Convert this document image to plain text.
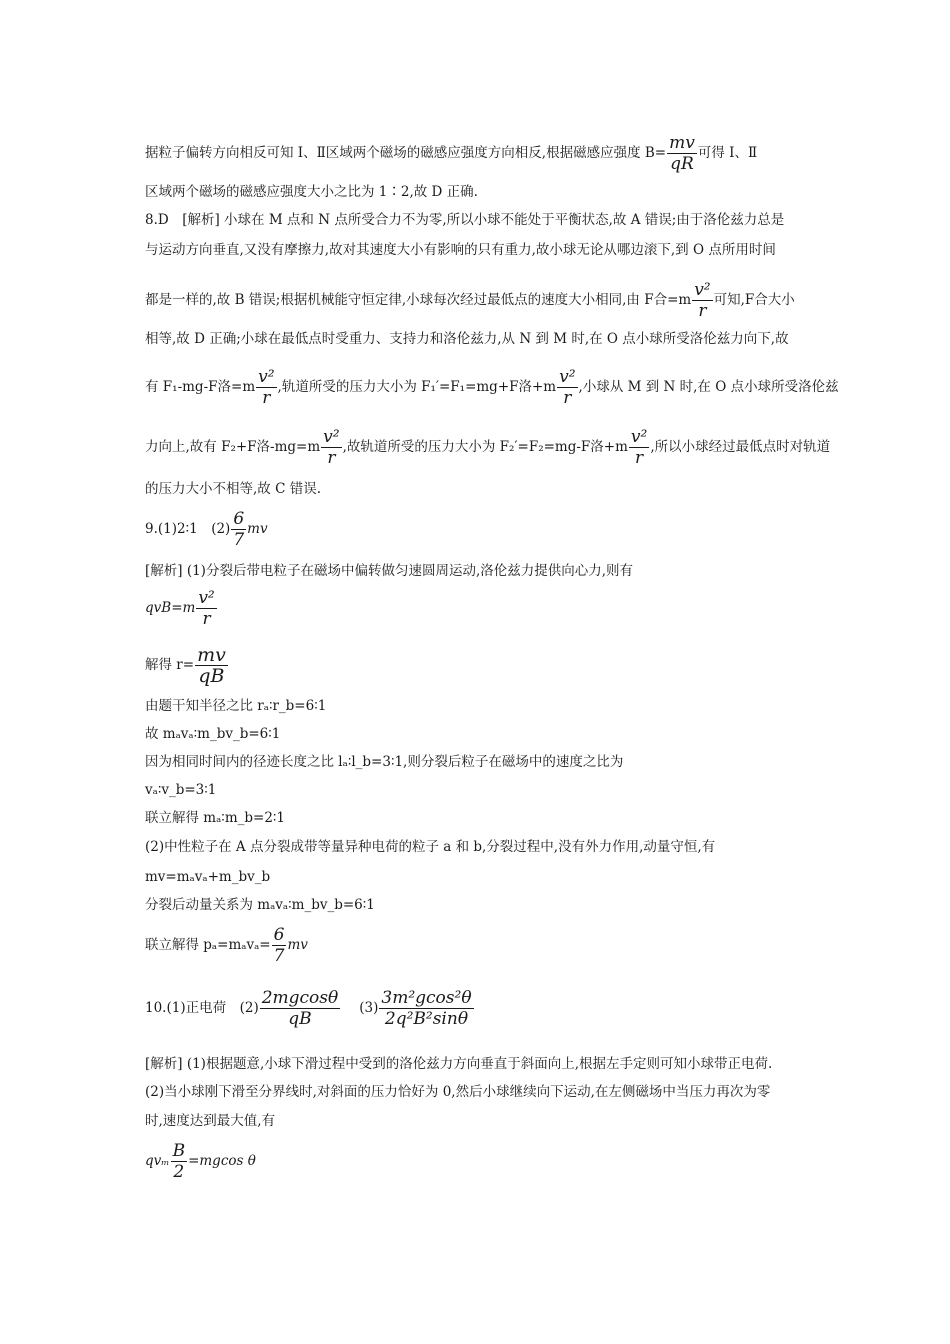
据粒子偏转方向相反可知 Ⅰ、Ⅱ区域两个磁场的磁感应强度方向相反,根据磁感应强度 $B= \frac{mv}{qR}$ 可得 Ⅰ、Ⅱ
区域两个磁场的磁感应强度大小之比为 1∶2,故 D 正确.
8.D　[解析] 小球在 M 点和 N 点所受合力不为零,所以小球不能处于平衡状态,故 A 错误;由于洛伦兹力总是
与运动方向垂直,又没有摩擦力,故对其速度大小有影响的只有重力,故小球无论从哪边滚下,到 O 点所用时间
都是一样的,故 B 错误;根据机械能守恒定律,小球每次经过最低点的速度大小相同,由 F合$=m \frac{\text{v²}}{r}$ 可知,F合大小
相等,故 D 正确;小球在最低点时受重力、支持力和洛伦兹力,从 N 到 M 时,在 O 点小球所受洛伦兹力向下,故
有 F₁-mg-F洛$=m \frac{\text{v²}}{r}$ ,轨道所受的压力大小为 F₁′=F₁=mg+F洛$+m \frac{\text{v²}}{r}$ ,小球从 M 到 N 时,在 O 点小球所受洛伦兹
力向上,故有 F₂+F洛$-mg=m \frac{\text{v²}}{r}$ ,故轨道所受的压力大小为 F₂′=F₂=mg-F洛$+m \frac{\text{v²}}{r}$ ,所以小球经过最低点时对轨道
的压力大小不相等,故 C 错误.
9.(1)2∶1　$(2) \frac{6}{7}$ mv
[解析] (1)分裂后带电粒子在磁场中偏转做匀速圆周运动,洛伦兹力提供向心力,则有
$qvB=m \frac{\text{v²}}{r}$
解得 $r= \frac{mv}{qB}$
由题干知半径之比 rₐ∶r_b=6∶1
故 mₐvₐ∶m_bv_b=6∶1
因为相同时间内的径迹长度之比 lₐ∶l_b=3∶1,则分裂后粒子在磁场中的速度之比为
vₐ∶v_b=3∶1
联立解得 mₐ∶m_b=2∶1
(2)中性粒子在 A 点分裂成带等量异种电荷的粒子 a 和 b,分裂过程中,没有外力作用,动量守恒,有
mv=mₐvₐ+m_bv_b
分裂后动量关系为 mₐvₐ∶m_bv_b=6∶1
联立解得 $p_a=m_av_a= \frac{6}{7}$ mv
10.(1)正电荷　$(2) \frac{2mgcos\theta}{qB} (3) \frac{\text{3m²gcos²θ}}{\text{2q²B²sinθ}}$
[解析] (1)根据题意,小球下滑过程中受到的洛伦兹力方向垂直于斜面向上,根据左手定则可知小球带正电荷.
(2)当小球刚下滑至分界线时,对斜面的压力恰好为 0,然后小球继续向下运动,在左侧磁场中当压力再次为零
时,速度达到最大值,有
qvₘ $\frac{B}{2} =mgcos$ θ
